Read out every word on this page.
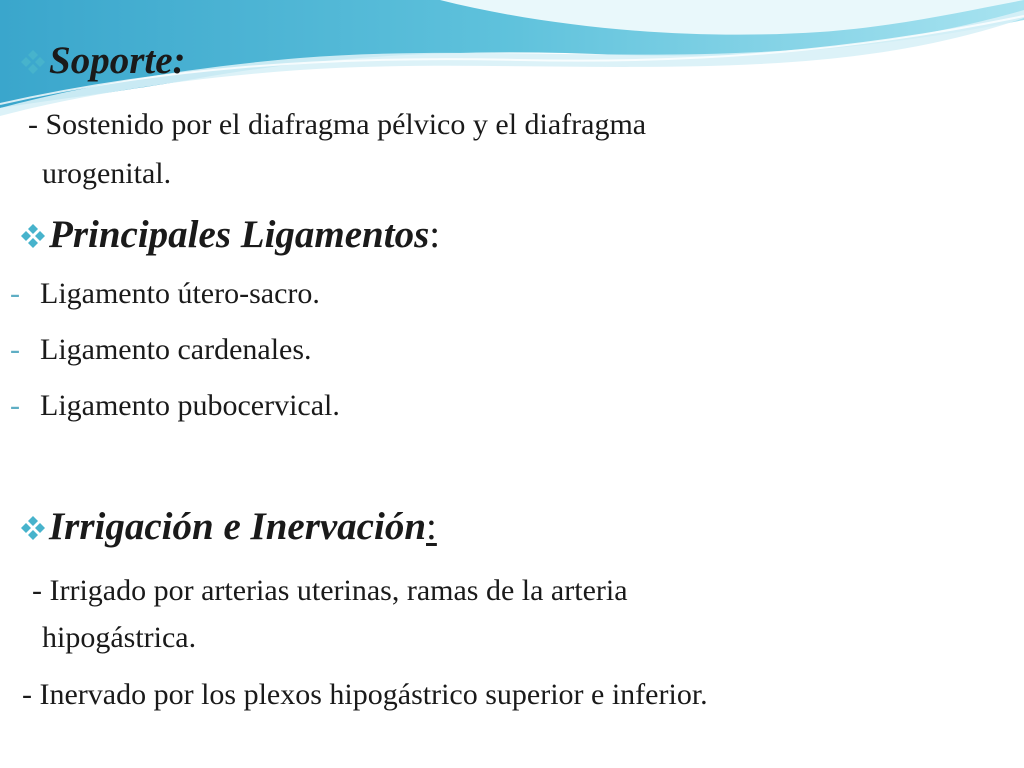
Soporte:
- Sostenido por el diafragma pélvico y el diafragma
urogenital.
Principales Ligamentos:
- Ligamento útero-sacro.
- Ligamento cardenales.
- Ligamento pubocervical.
Irrigación e Inervación:
- Irrigado por arterias uterinas, ramas de la arteria
hipogástrica.
- Inervado por los plexos hipogástrico superior e inferior.
